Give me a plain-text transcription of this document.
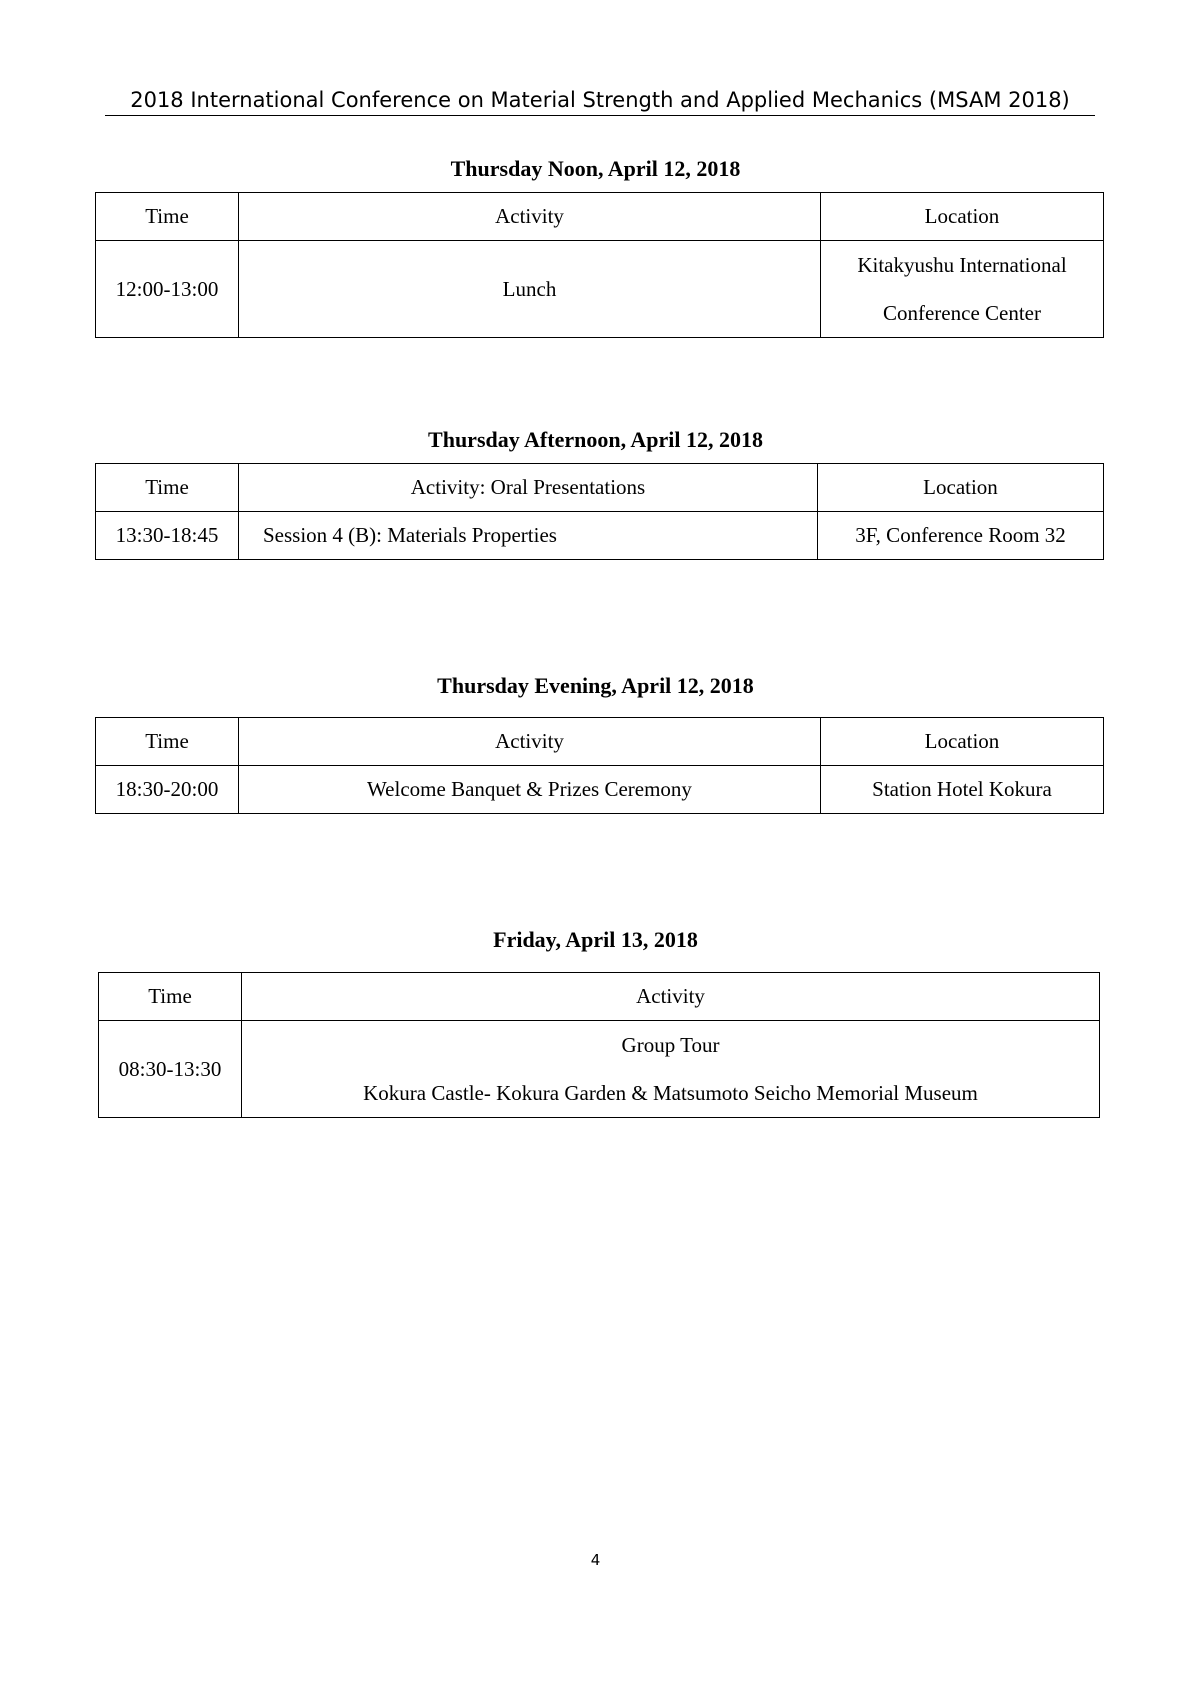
2018 International Conference on Material Strength and Applied Mechanics (MSAM 2018)
Thursday Noon, April 12, 2018
Time	Activity	Location
12:00-13:00	Lunch	Kitakyushu International
Conference Center
Thursday Afternoon, April 12, 2018
Time	Activity: Oral Presentations	Location
13:30-18:45	Session 4 (B): Materials Properties	3F, Conference Room 32
Thursday Evening, April 12, 2018
Time	Activity	Location
18:30-20:00	Welcome Banquet & Prizes Ceremony	Station Hotel Kokura
Friday, April 13, 2018
Time	Activity
08:30-13:30	Group Tour
Kokura Castle- Kokura Garden & Matsumoto Seicho Memorial Museum
4
